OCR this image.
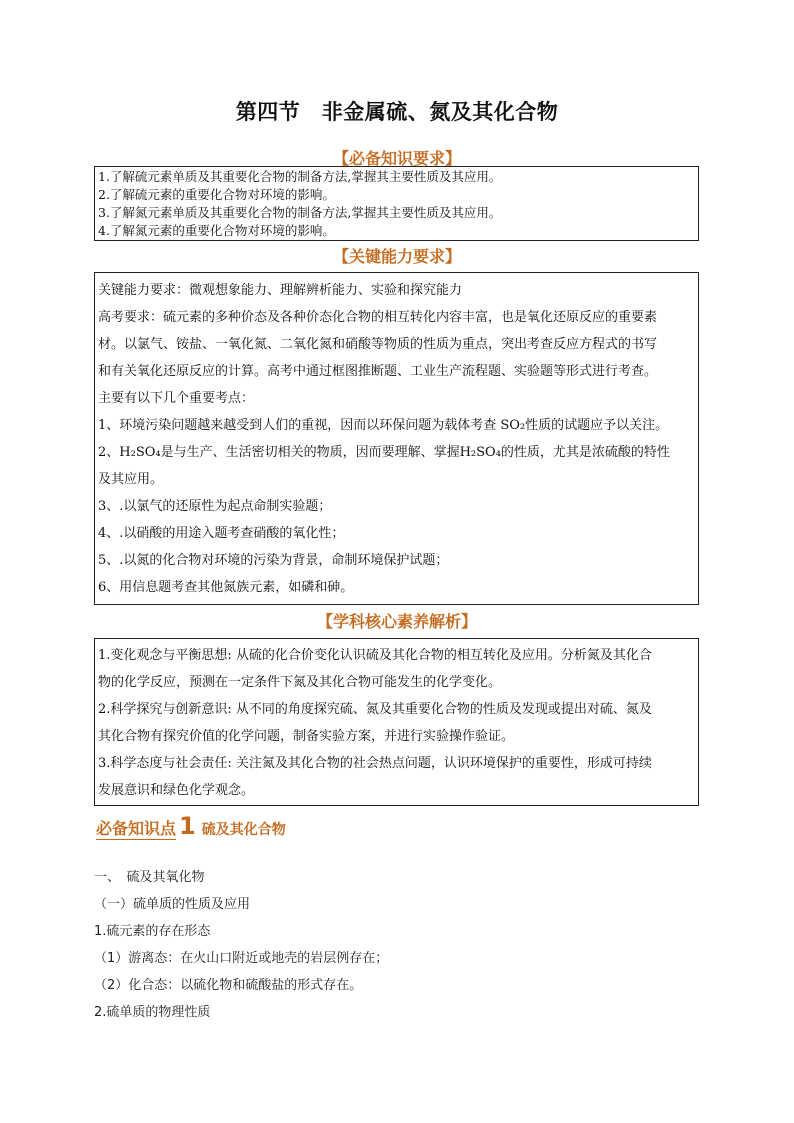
第四节　非金属硫、氮及其化合物
【必备知识要求】
1.了解硫元素单质及其重要化合物的制备方法,掌握其主要性质及其应用。
2.了解硫元素的重要化合物对环境的影响。
3.了解氮元素单质及其重要化合物的制备方法,掌握其主要性质及其应用。
4.了解氮元素的重要化合物对环境的影响。
【关键能力要求】
关键能力要求：微观想象能力、理解辨析能力、实验和探究能力
高考要求：硫元素的多种价态及各种价态化合物的相互转化内容丰富，也是氧化还原反应的重要素
材。以氯气、铵盐、一氧化氮、二氧化氮和硝酸等物质的性质为重点，突出考查反应方程式的书写
和有关氧化还原反应的计算。高考中通过框图推断题、工业生产流程题、实验题等形式进行考查。
主要有以下几个重要考点：
1、环境污染问题越来越受到人们的重视，因而以环保问题为载体考查 SO₂性质的试题应予以关注。
2、H₂SO₄是与生产、生活密切相关的物质，因而要理解、掌握H₂SO₄的性质，尤其是浓硫酸的特性
及其应用。
3、.以氯气的还原性为起点命制实验题；
4、.以硝酸的用途入题考查硝酸的氧化性；
5、.以氮的化合物对环境的污染为背景，命制环境保护试题；
6、用信息题考查其他氮族元素，如磷和砷。
【学科核心素养解析】
1.变化观念与平衡思想: 从硫的化合价变化认识硫及其化合物的相互转化及应用。分析氮及其化合
物的化学反应，预测在一定条件下氮及其化合物可能发生的化学变化。
2.科学探究与创新意识: 从不同的角度探究硫、氮及其重要化合物的性质及发现或提出对硫、氮及
其化合物有探究价值的化学问题，制备实验方案，并进行实验操作验证。
3.科学态度与社会责任: 关注氮及其化合物的社会热点问题，认识环境保护的重要性，形成可持续
发展意识和绿色化学观念。
必备知识点 1 硫及其化合物
一、　硫及其氧化物
（一）硫单质的性质及应用
1.硫元素的存在形态
（1）游离态：在火山口附近或地壳的岩层例存在；
（2）化合态：以硫化物和硫酸盐的形式存在。
2.硫单质的物理性质
